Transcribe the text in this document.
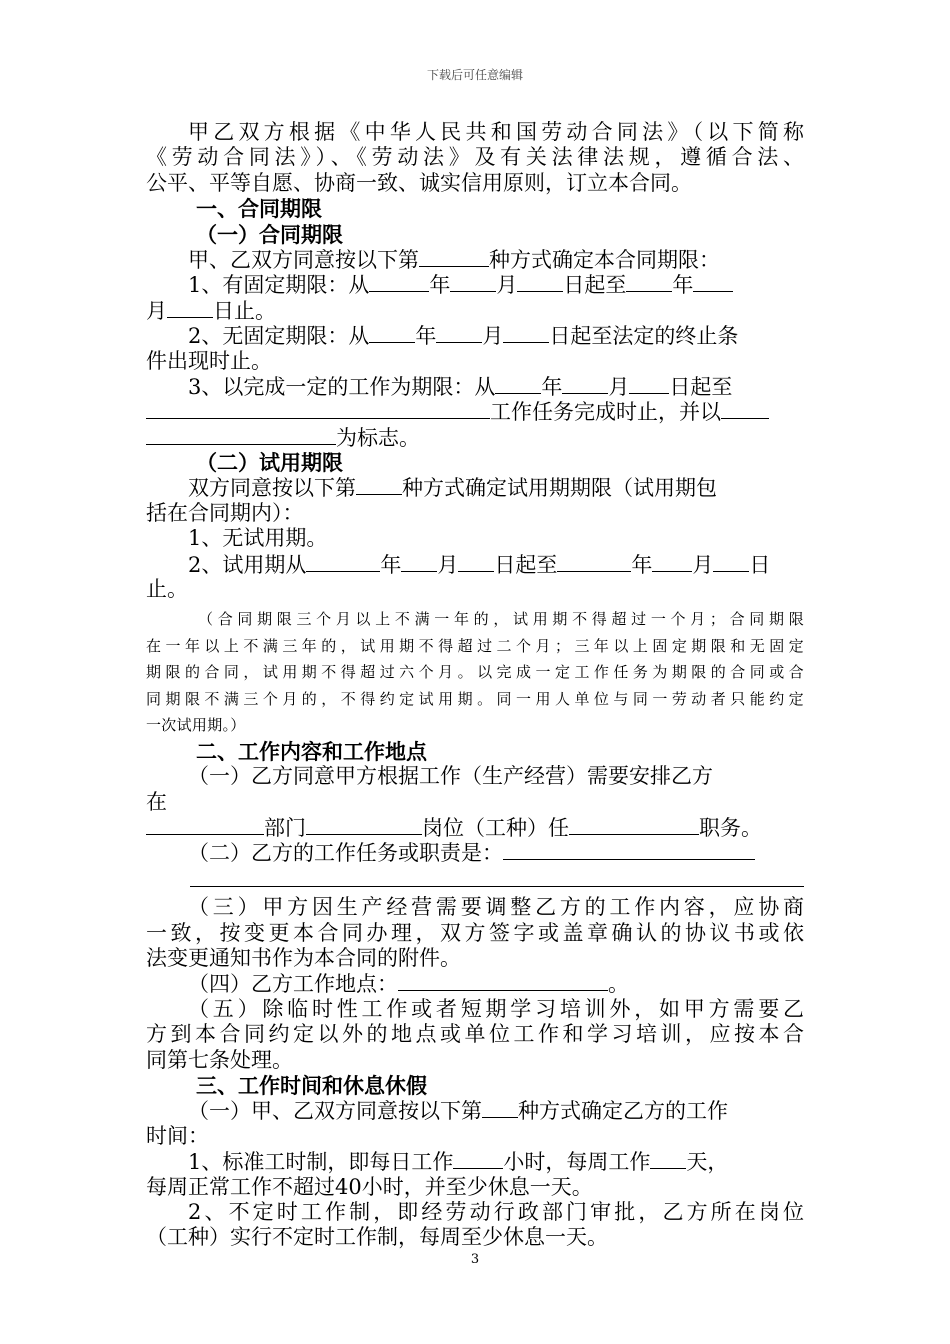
下载后可任意编辑
甲乙双方根据《中华人民共和国劳动合同法》（以下简称
《劳动合同法》）、《劳动法》及有关法律法规，遵循合法、
公平、平等自愿、协商一致、诚实信用原则，订立本合同。
一、合同期限
（一）合同期限
甲、乙双方同意按以下第	种方式确定本合同期限：
1、有固定期限：从	年 月 日起至 年
月 日止。
2、无固定期限：从 年 月 日起至法定的终止条
件出现时止。
3、以完成一定的工作为期限：从 年 月 日起至
工作任务完成时止，并以
为标志。
（二）试用期限
双方同意按以下第 种方式确定试用期期限（试用期包
括在合同期内）：
1、无试用期。
2、试用期从	年 月 日起至	年 月 日
止。
（合同期限三个月以上不满一年的，试用期不得超过一个月；合同期限
在一年以上不满三年的，试用期不得超过二个月；三年以上固定期限和无固定
期限的合同，试用期不得超过六个月。以完成一定工作任务为期限的合同或合
同期限不满三个月的，不得约定试用期。同一用人单位与同一劳动者只能约定
一次试用期。）
二、工作内容和工作地点
（一）乙方同意甲方根据工作（生产经营）需要安排乙方
在
部门	岗位（工种）任	职务。
（二）乙方的工作任务或职责是：
（三）甲方因生产经营需要调整乙方的工作内容，应协商
一致，按变更本合同办理，双方签字或盖章确认的协议书或依
法变更通知书作为本合同的附件。
（四）乙方工作地点：	。
（五）除临时性工作或者短期学习培训外，如甲方需要乙
方到本合同约定以外的地点或单位工作和学习培训，应按本合
同第七条处理。
三、工作时间和休息休假
（一）甲、乙双方同意按以下第 种方式确定乙方的工作
时间：
1、标准工时制，即每日工作 小时，每周工作 天，
每周正常工作不超过40小时，并至少休息一天。
2、不定时工作制，即经劳动行政部门审批，乙方所在岗位
（工种）实行不定时工作制，每周至少休息一天。
3
